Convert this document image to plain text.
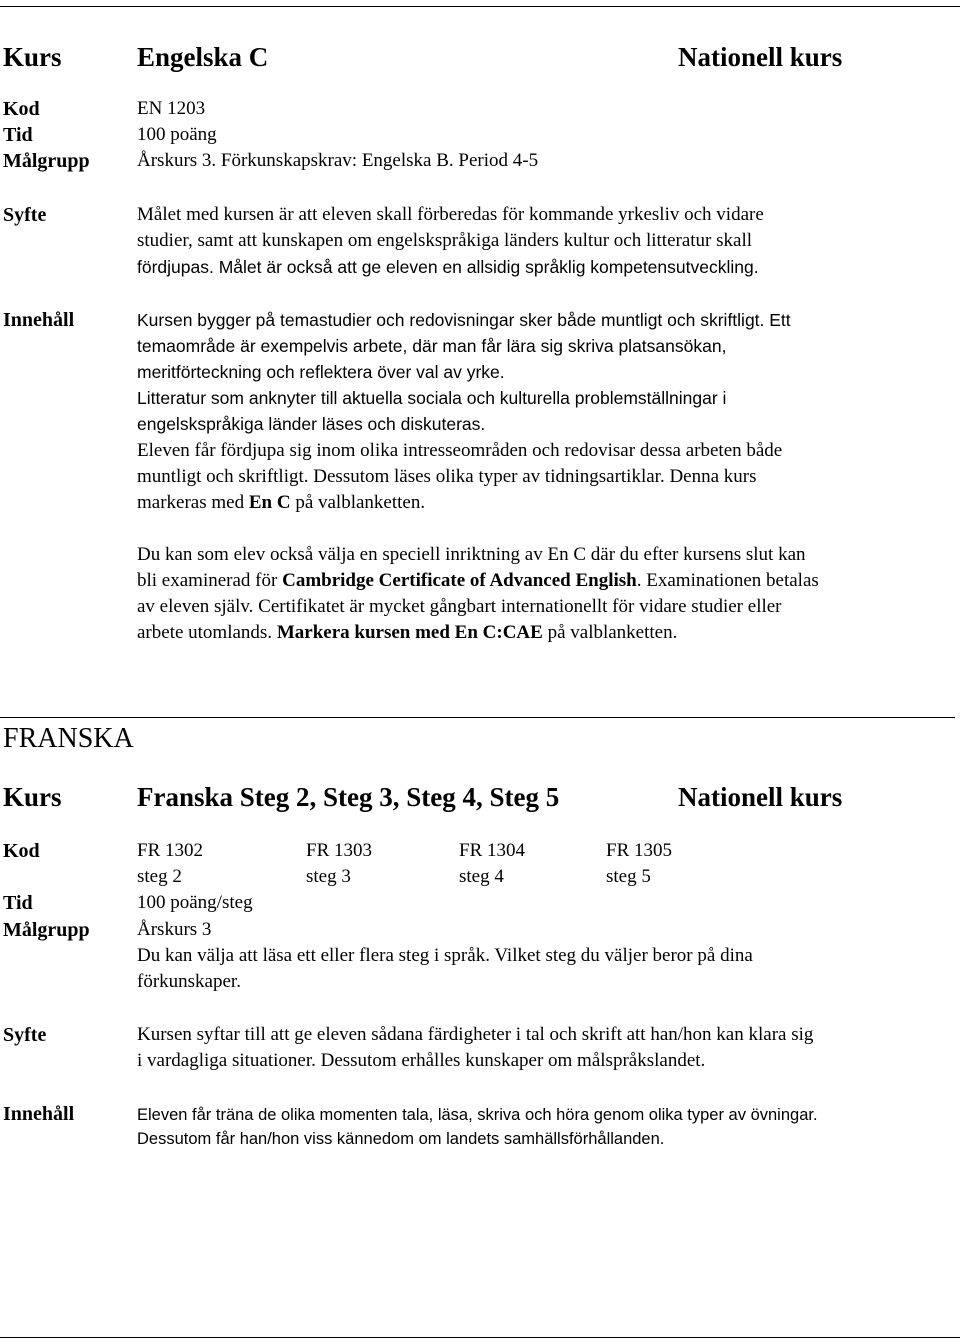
Kurs	Engelska C	Nationell kurs
Kod	EN 1203
Tid	100 poäng
Målgrupp Årskurs 3. Förkunskapskrav: Engelska B. Period 4-5
Syfte	Målet med kursen är att eleven skall förberedas för kommande yrkesliv och vidare
studier, samt att kunskapen om engelskspråkiga länders kultur och litteratur skall
fördjupas. Målet är också att ge eleven en allsidig språklig kompetensutveckling.
Innehåll	Kursen bygger på temastudier och redovisningar sker både muntligt och skriftligt. Ett
temaområde är exempelvis arbete, där man får lära sig skriva platsansökan,
meritförteckning och reflektera över val av yrke.
Litteratur som anknyter till aktuella sociala och kulturella problemställningar i
engelskspråkiga länder läses och diskuteras.
Eleven får fördjupa sig inom olika intresseområden och redovisar dessa arbeten både
muntligt och skriftligt. Dessutom läses olika typer av tidningsartiklar. Denna kurs
markeras med En C på valblanketten.
Du kan som elev också välja en speciell inriktning av En C där du efter kursens slut kan
bli examinerad för Cambridge Certificate of Advanced English. Examinationen betalas
av eleven själv. Certifikatet är mycket gångbart internationellt för vidare studier eller
arbete utomlands. Markera kursen med En C:CAE på valblanketten.
FRANSKA
Kurs	Franska Steg 2, Steg 3, Steg 4, Steg 5	Nationell kurs
Kod	FR 1302	FR 1303	FR 1304	FR 1305
steg 2	steg 3	steg 4	steg 5
Tid	100 poäng/steg
Målgrupp Årskurs 3
Du kan välja att läsa ett eller flera steg i språk. Vilket steg du väljer beror på dina
förkunskaper.
Syfte	Kursen syftar till att ge eleven sådana färdigheter i tal och skrift att han/hon kan klara sig
i vardagliga situationer. Dessutom erhålles kunskaper om målspråkslandet.
Innehåll	Eleven får träna de olika momenten tala, läsa, skriva och höra genom olika typer av övningar.
Dessutom får han/hon viss kännedom om landets samhällsförhållanden.
